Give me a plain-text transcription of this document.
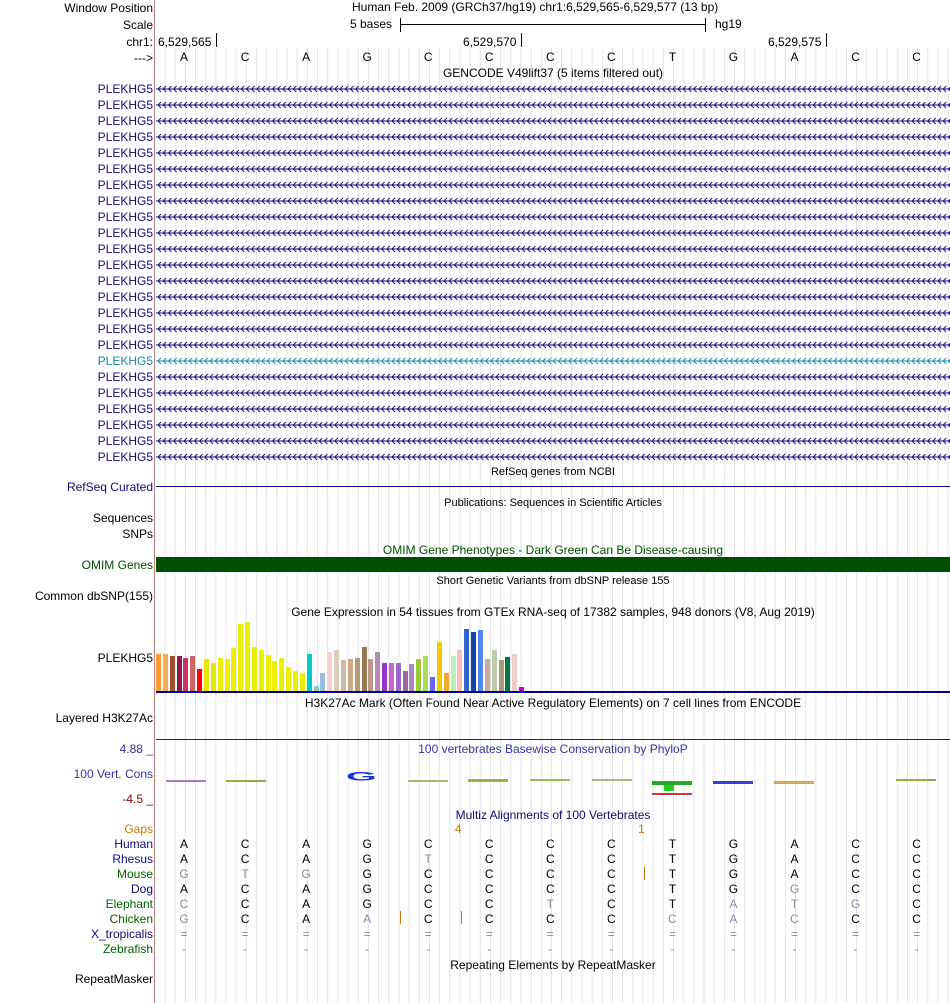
Window Position	Human Feb. 2009 (GRCh37/hg19) chr1:6,529,565-6,529,577 (13 bp)
Scale	5 bases	hg19
chr1: 6,529,565	6,529,570	6,529,575
--->	A	C	A	G	C	C	C	C	T	G	A	C	C
GENCODE V49lift37 (5 items filtered out)
PLEKHG5
PLEKHG5
PLEKHG5
PLEKHG5
PLEKHG5
PLEKHG5
PLEKHG5
PLEKHG5
PLEKHG5
PLEKHG5
PLEKHG5
PLEKHG5
PLEKHG5
PLEKHG5
PLEKHG5
PLEKHG5
PLEKHG5
PLEKHG5
PLEKHG5
PLEKHG5
PLEKHG5
PLEKHG5
PLEKHG5
PLEKHG5
RefSeq genes from NCBI
RefSeq Curated
Publications: Sequences in Scientific Articles
Sequences
SNPs
OMIM Gene Phenotypes - Dark Green Can Be Disease-causing
OMIM Genes
Short Genetic Variants from dbSNP release 155
Common dbSNP(155)
Gene Expression in 54 tissues from GTEx RNA-seq of 17382 samples, 948 donors (V8, Aug 2019)
PLEKHG5
H3K27Ac Mark (Often Found Near Active Regulatory Elements) on 7 cell lines from ENCODE
Layered H3K27Ac
100 vertebrates Basewise Conservation by PhyloP
4.88 _
100 Vert. Cons
-4.5 _
G
Multiz Alignments of 100 Vertebrates
Gaps	4	1
Human	A	C	A	G	C	C	C	C	T	G	A	C	C
Rhesus	A	C	A	G	T	C	C	C	T	G	A	C	C
Mouse	G	T	G	G	C	C	C	C	T	G	A	C	C
Dog	A	C	A	G	C	C	C	C	T	G	G	C	C
Elephant	C	C	A	G	C	C	T	C	T	A	T	G	C
Chicken	G	C	A	A	C	C	C	C	C	A	C	C	C
X_tropicalis	=	=	=	=	=	=	=	=	=	=	=	=	=
Zebrafish	-	-	-	-	-	-	-	-	-	-	-	-	-
Repeating Elements by RepeatMasker
RepeatMasker
